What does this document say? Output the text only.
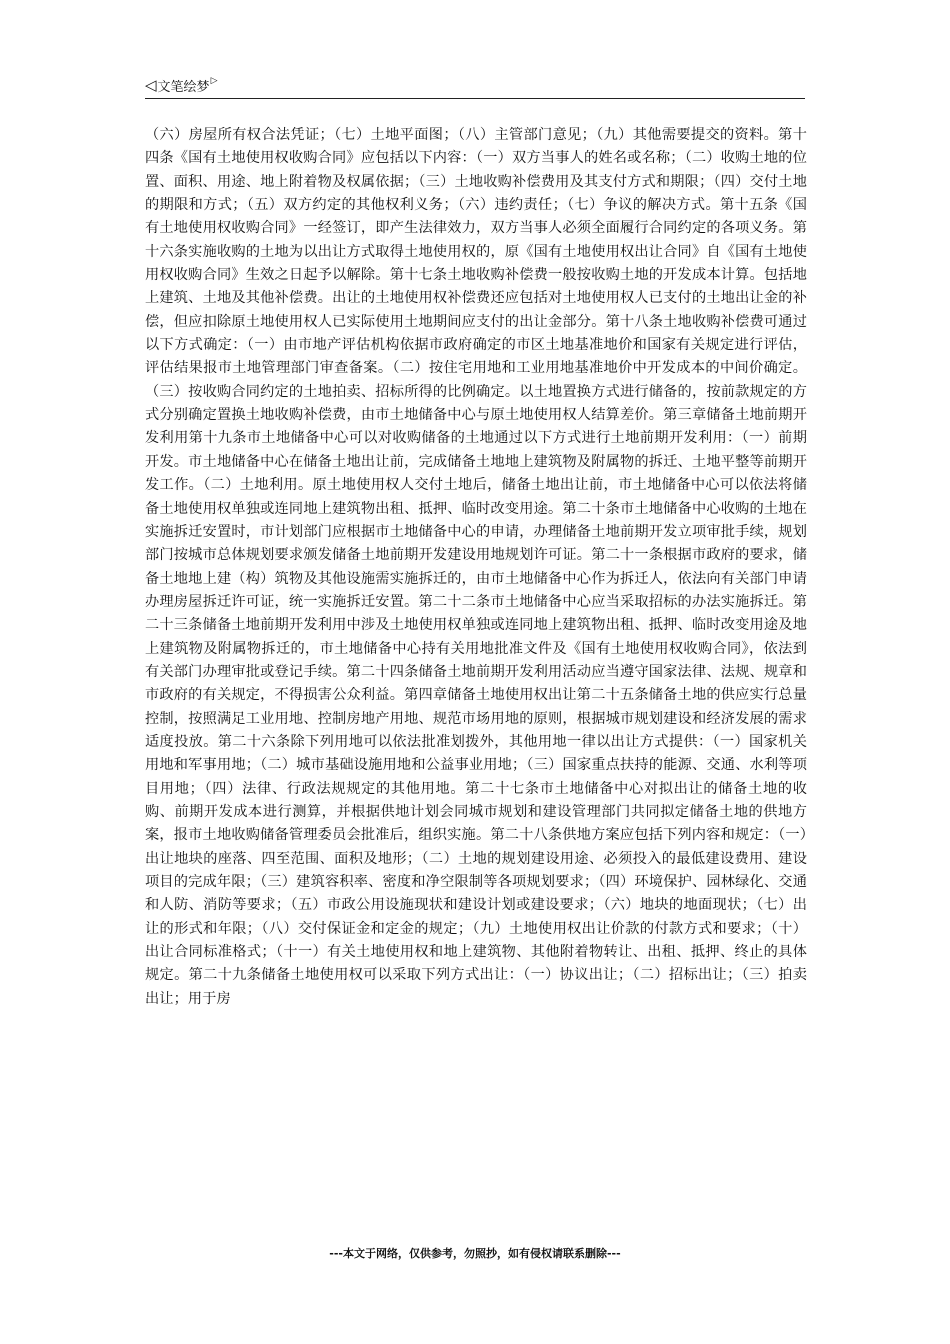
◁ 文笔绘梦 ▷

（六）房屋所有权合法凭证；（七）土地平面图；（八）主管部门意见；（九）其他需要提交的资料。第十四条《国有土地使用权收购合同》应包括以下内容：（一）双方当事人的姓名或名称；（二）收购土地的位置、面积、用途、地上附着物及权属依据；（三）土地收购补偿费用及其支付方式和期限；（四）交付土地的期限和方式；（五）双方约定的其他权利义务；（六）违约责任；（七）争议的解决方式。第十五条《国有土地使用权收购合同》一经签订，即产生法律效力，双方当事人必须全面履行合同约定的各项义务。第十六条实施收购的土地为以出让方式取得土地使用权的，原《国有土地使用权出让合同》自《国有土地使用权收购合同》生效之日起予以解除。第十七条土地收购补偿费一般按收购土地的开发成本计算。包括地上建筑、土地及其他补偿费。出让的土地使用权补偿费还应包括对土地使用权人已支付的土地出让金的补偿，但应扣除原土地使用权人已实际使用土地期间应支付的出让金部分。第十八条土地收购补偿费可通过以下方式确定：（一）由市地产评估机构依据市政府确定的市区土地基准地价和国家有关规定进行评估，评估结果报市土地管理部门审查备案。（二）按住宅用地和工业用地基准地价中开发成本的中间价确定。（三）按收购合同约定的土地拍卖、招标所得的比例确定。以土地置换方式进行储备的，按前款规定的方式分别确定置换土地收购补偿费，由市土地储备中心与原土地使用权人结算差价。第三章储备土地前期开发利用第十九条市土地储备中心可以对收购储备的土地通过以下方式进行土地前期开发利用：（一）前期开发。市土地储备中心在储备土地出让前，完成储备土地地上建筑物及附属物的拆迁、土地平整等前期开发工作。（二）土地利用。原土地使用权人交付土地后，储备土地出让前，市土地储备中心可以依法将储备土地使用权单独或连同地上建筑物出租、抵押、临时改变用途。第二十条市土地储备中心收购的土地在实施拆迁安置时，市计划部门应根据市土地储备中心的申请，办理储备土地前期开发立项审批手续，规划部门按城市总体规划要求颁发储备土地前期开发建设用地规划许可证。第二十一条根据市政府的要求，储备土地地上建（构）筑物及其他设施需实施拆迁的，由市土地储备中心作为拆迁人，依法向有关部门申请办理房屋拆迁许可证，统一实施拆迁安置。第二十二条市土地储备中心应当采取招标的办法实施拆迁。第二十三条储备土地前期开发利用中涉及土地使用权单独或连同地上建筑物出租、抵押、临时改变用途及地上建筑物及附属物拆迁的，市土地储备中心持有关用地批准文件及《国有土地使用权收购合同》，依法到有关部门办理审批或登记手续。第二十四条储备土地前期开发利用活动应当遵守国家法律、法规、规章和市政府的有关规定，不得损害公众利益。第四章储备土地使用权出让第二十五条储备土地的供应实行总量控制，按照满足工业用地、控制房地产用地、规范市场用地的原则，根据城市规划建设和经济发展的需求适度投放。第二十六条除下列用地可以依法批准划拨外，其他用地一律以出让方式提供：（一）国家机关用地和军事用地；（二）城市基础设施用地和公益事业用地；（三）国家重点扶持的能源、交通、水利等项目用地；（四）法律、行政法规规定的其他用地。第二十七条市土地储备中心对拟出让的储备土地的收购、前期开发成本进行测算，并根据供地计划会同城市规划和建设管理部门共同拟定储备土地的供地方案，报市土地收购储备管理委员会批准后，组织实施。第二十八条供地方案应包括下列内容和规定：（一）出让地块的座落、四至范围、面积及地形；（二）土地的规划建设用途、必须投入的最低建设费用、建设项目的完成年限；（三）建筑容积率、密度和净空限制等各项规划要求；（四）环境保护、园林绿化、交通和人防、消防等要求；（五）市政公用设施现状和建设计划或建设要求；（六）地块的地面现状；（七）出让的形式和年限；（八）交付保证金和定金的规定；（九）土地使用权出让价款的付款方式和要求；（十）出让合同标准格式；（十一）有关土地使用权和地上建筑物、其他附着物转让、出租、抵押、终止的具体规定。第二十九条储备土地使用权可以采取下列方式出让：（一）协议出让；（二）招标出让；（三）拍卖出让；用于房

---本文于网络，仅供参考，勿照抄，如有侵权请联系删除---
